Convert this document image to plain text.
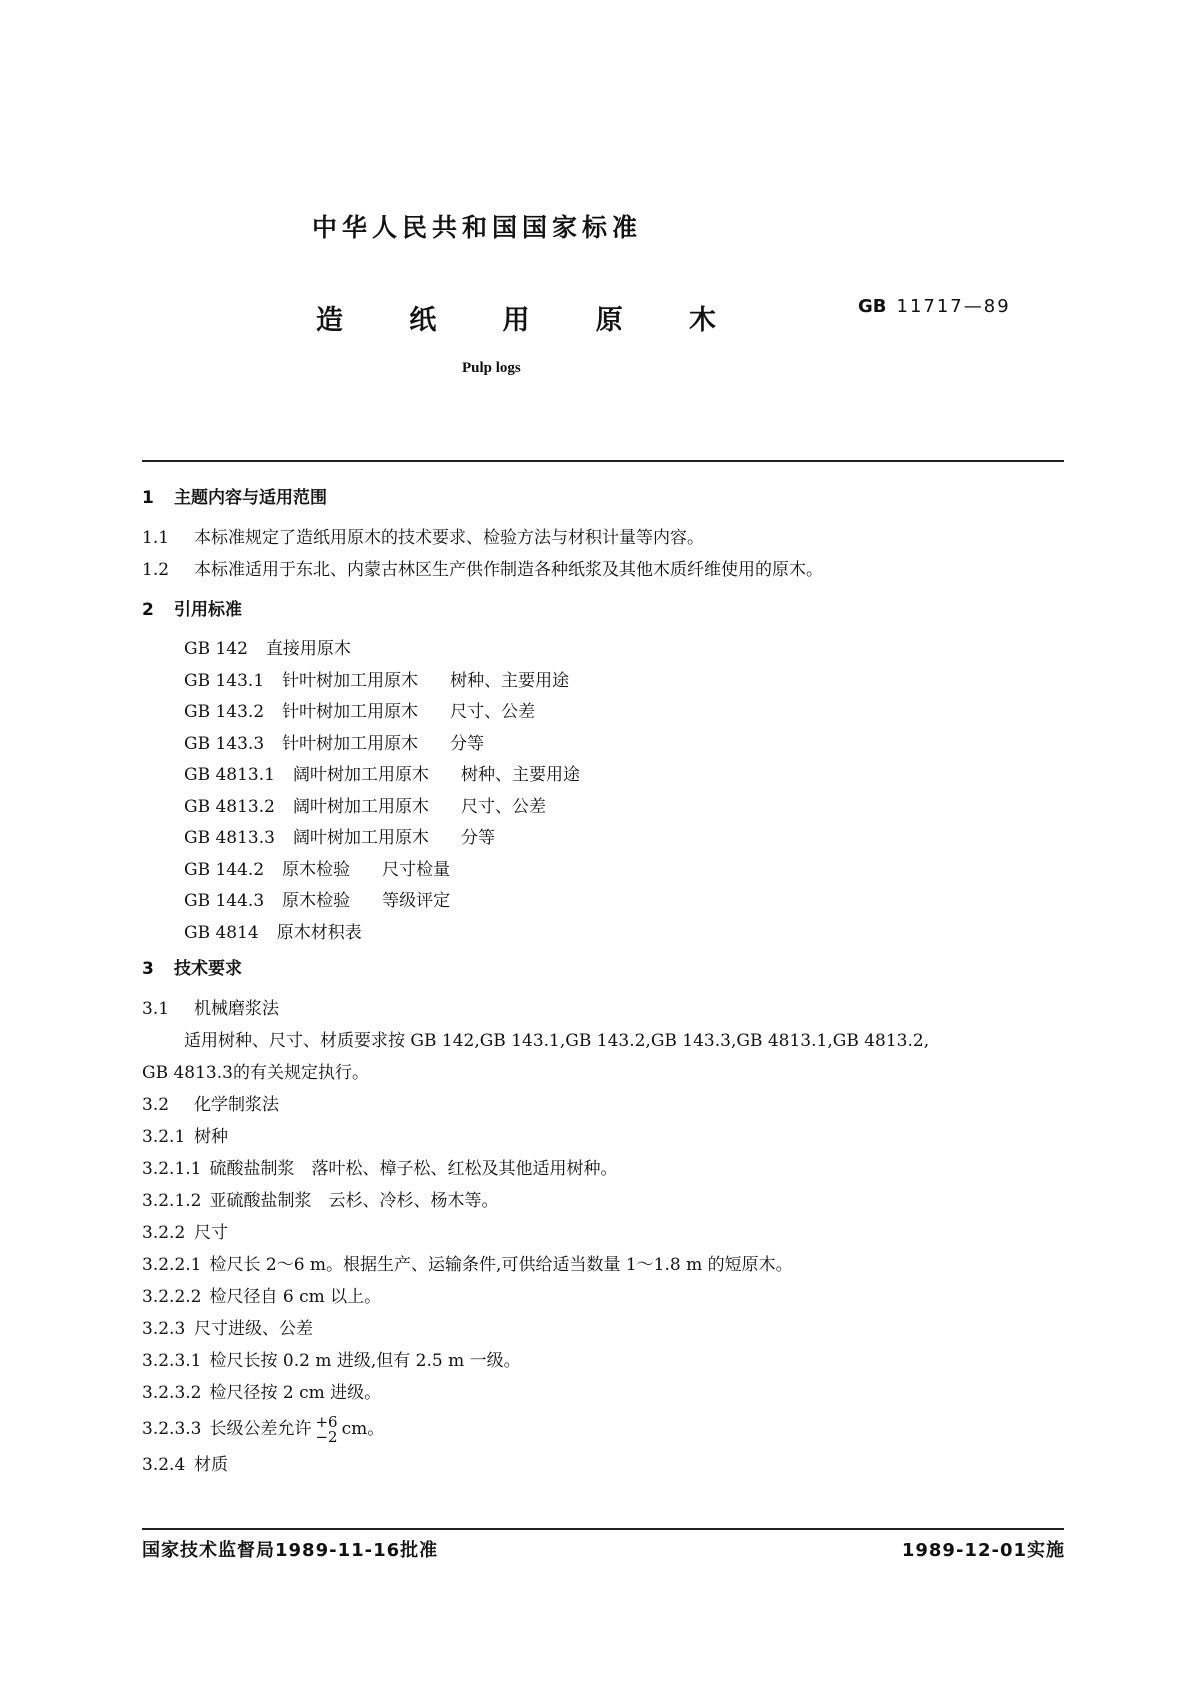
中华人民共和国国家标准
造 纸 用 原 木	GB 11717—89
Pulp logs
1 主题内容与适用范围
1.1 本标准规定了造纸用原木的技术要求、检验方法与材积计量等内容。
1.2 本标准适用于东北、内蒙古林区生产供作制造各种纸浆及其他木质纤维使用的原木。
2 引用标准
GB 142 直接用原木
GB 143.1 针叶树加工用原木 树种、主要用途
GB 143.2 针叶树加工用原木 尺寸、公差
GB 143.3 针叶树加工用原木 分等
GB 4813.1 阔叶树加工用原木 树种、主要用途
GB 4813.2 阔叶树加工用原木 尺寸、公差
GB 4813.3 阔叶树加工用原木 分等
GB 144.2 原木检验 尺寸检量
GB 144.3 原木检验 等级评定
GB 4814 原木材积表
3 技术要求
3.1 机械磨浆法
适用树种、尺寸、材质要求按 GB 142,GB 143.1,GB 143.2,GB 143.3,GB 4813.1,GB 4813.2,
GB 4813.3的有关规定执行。
3.2 化学制浆法
3.2.1 树种
3.2.1.1 硫酸盐制浆　落叶松、樟子松、红松及其他适用树种。
3.2.1.2 亚硫酸盐制浆　云杉、冷杉、杨木等。
3.2.2 尺寸
3.2.2.1 检尺长 2～6 m。根据生产、运输条件,可供给适当数量 1～1.8 m 的短原木。
3.2.2.2 检尺径自 6 cm 以上。
3.2.3 尺寸进级、公差
3.2.3.1 检尺长按 0.2 m 进级,但有 2.5 m 一级。
3.2.3.2 检尺径按 2 cm 进级。
3.2.3.3 长级公差允许 +6
−2 cm。
3.2.4 材质
国家技术监督局1989-11-16批准	1989-12-01实施
